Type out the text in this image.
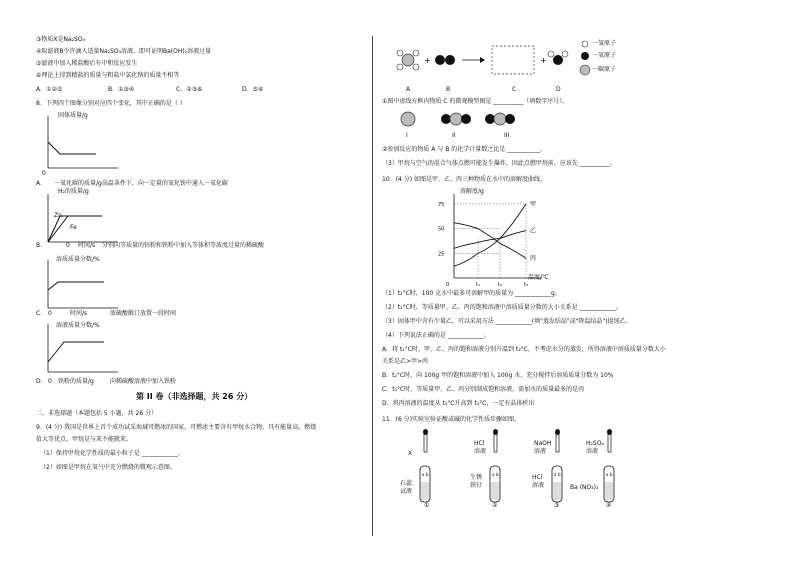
③物质X是Na₂SO₄
④取滤液B少许滴入适量Na₂SO₄溶液，即可证明Ba(OH)₂溶液过量
⑤滤液中加入稀盐酸后有中和反应发生
⑥理论上得到精盐的质量与粗盐中氯化钠的质量不相等
A．①②⑤	B．①③④	C．②③⑥	D．⑤⑥
8．下列四个图像分别对应四个变化，其中正确的是（ ）
固体质量/g
0
A． 一氧化碳的质量/g高温条件下，向一定量的氧化铁中通入一氧化碳
H₂的质量/g
Zn
Fe
B．	0 时间/s 分别向等质量的锌粉和铁粉中加入等体积等浓度过量的稀硫酸
溶质质量分数/%
C． 0	时间/s	浓硫酸敞口放置一段时间
溶液质量分数/%
D． 0 铁粉的质量/g	向稀硫酸溶液中加入铁粉
第 II 卷（非选择题，共 26 分）
二、非选择题（本题包括 5 小题，共 26 分）
9．(4 分) 我国是世界上首个成功试采海域可燃冰的国家。可燃冰主要含有甲烷水合物，具有能量高、燃烧
值大等优点，甲烷是与来不能就来。
（1）保持甲烷化学性质的最小粒子是 ____________。
（2）如图是甲烷在氧气中充分燃烧的微观示意图。
+	+
一氢原子
一氧原子
一碳原子
A	B	C	D
①图中虚线方框内物质 C 的微观模型图是 __________（填数字序号）。
I	II	III
②参加反应的物质 A 与 B 的化学计量数之比是 ___________。
（3）甲烷与空气的混合气体点燃可能发生爆炸，因此点燃甲烷前，应该先 __________。
10．(4 分) 如图是甲、乙、丙三种物质在水中的溶解度曲线。
25
50
75
t₁	t₂	t₃
0
甲
乙
丙
溶解度/g
温度/℃
（1）t₂°C时，100 克水中最多可溶解甲的质量为 ____________g。
（2）t₁°C时，等质量甲、乙、丙的饱和溶液中溶质质量分数的大小关系是 ____________。
（3）固体甲中含有少量乙，可以采用方法 ____________(填"蒸发结晶"或"降温结晶")提纯乙。
（4）下列说法正确的是 ____________。
A．将 t₁°C时，甲、乙、丙的饱和溶液分别升温到 t₃°C，不考虑水分的蒸发，所得溶液中溶质质量分数大小
关系是乙>甲>丙
B．t₂°C时，向 100g 甲的饱和溶液中加入 100g 水，充分搅拌后溶质质量分数为 10%
C．t₃°C时，等质量甲、乙、丙分别制成饱和溶液，需加水的质量最多的是丙
D．将丙溶液的温度从 t₃°C升高到 t₃°C，一定有晶体析出
11．(6 分)实验室验证酸或碱的化学性质步骤如图。
a b	a b	a b	a b
X
石蕊
试液
①
HCl
溶液
生锈
铁钉
②
NaOH
溶液
HCl
溶液
③
H₂SO₄
溶液
Ba (NO₃)₂
④
